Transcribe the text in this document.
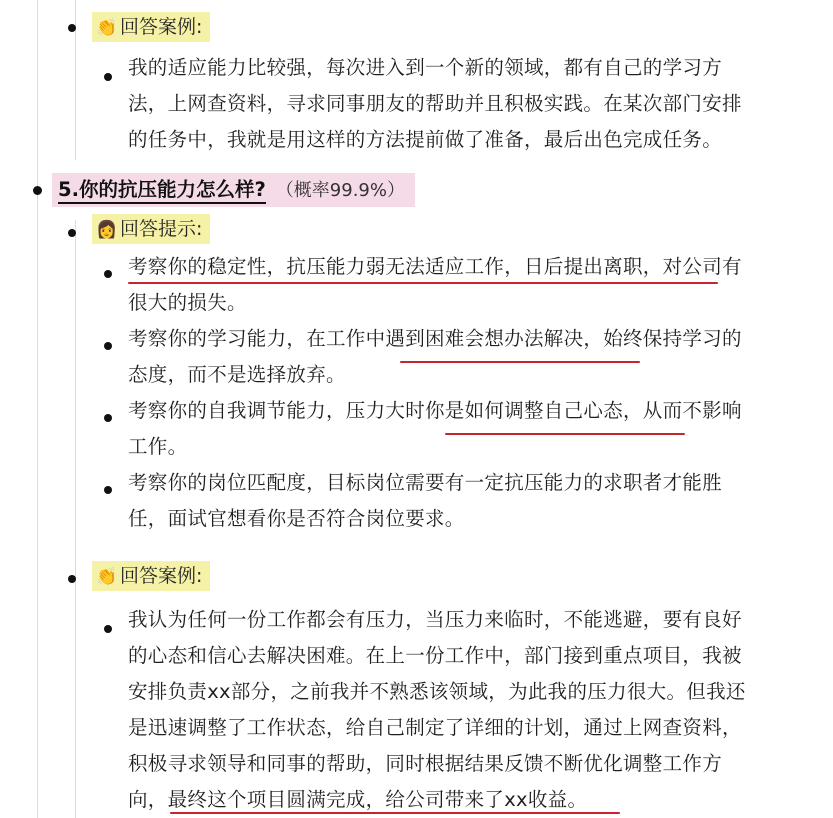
👏 回答案例:
我的适应能力比较强，每次进入到一个新的领域，都有自己的学习方
法，上网查资料，寻求同事朋友的帮助并且积极实践。在某次部门安排
的任务中，我就是用这样的方法提前做了准备，最后出色完成任务。
5.你的抗压能力怎么样? （概率99.9%）
👩 回答提示:
考察你的稳定性，抗压能力弱无法适应工作，日后提出离职，对公司有
很大的损失。
考察你的学习能力，在工作中遇到困难会想办法解决，始终保持学习的
态度，而不是选择放弃。
考察你的自我调节能力，压力大时你是如何调整自己心态，从而不影响
工作。
考察你的岗位匹配度，目标岗位需要有一定抗压能力的求职者才能胜
任，面试官想看你是否符合岗位要求。
👏 回答案例:
我认为任何一份工作都会有压力，当压力来临时，不能逃避，要有良好
的心态和信心去解决困难。在上一份工作中，部门接到重点项目，我被
安排负责xx部分，之前我并不熟悉该领域，为此我的压力很大。但我还
是迅速调整了工作状态，给自己制定了详细的计划，通过上网查资料，
积极寻求领导和同事的帮助，同时根据结果反馈不断优化调整工作方
向，最终这个项目圆满完成，给公司带来了xx收益。
